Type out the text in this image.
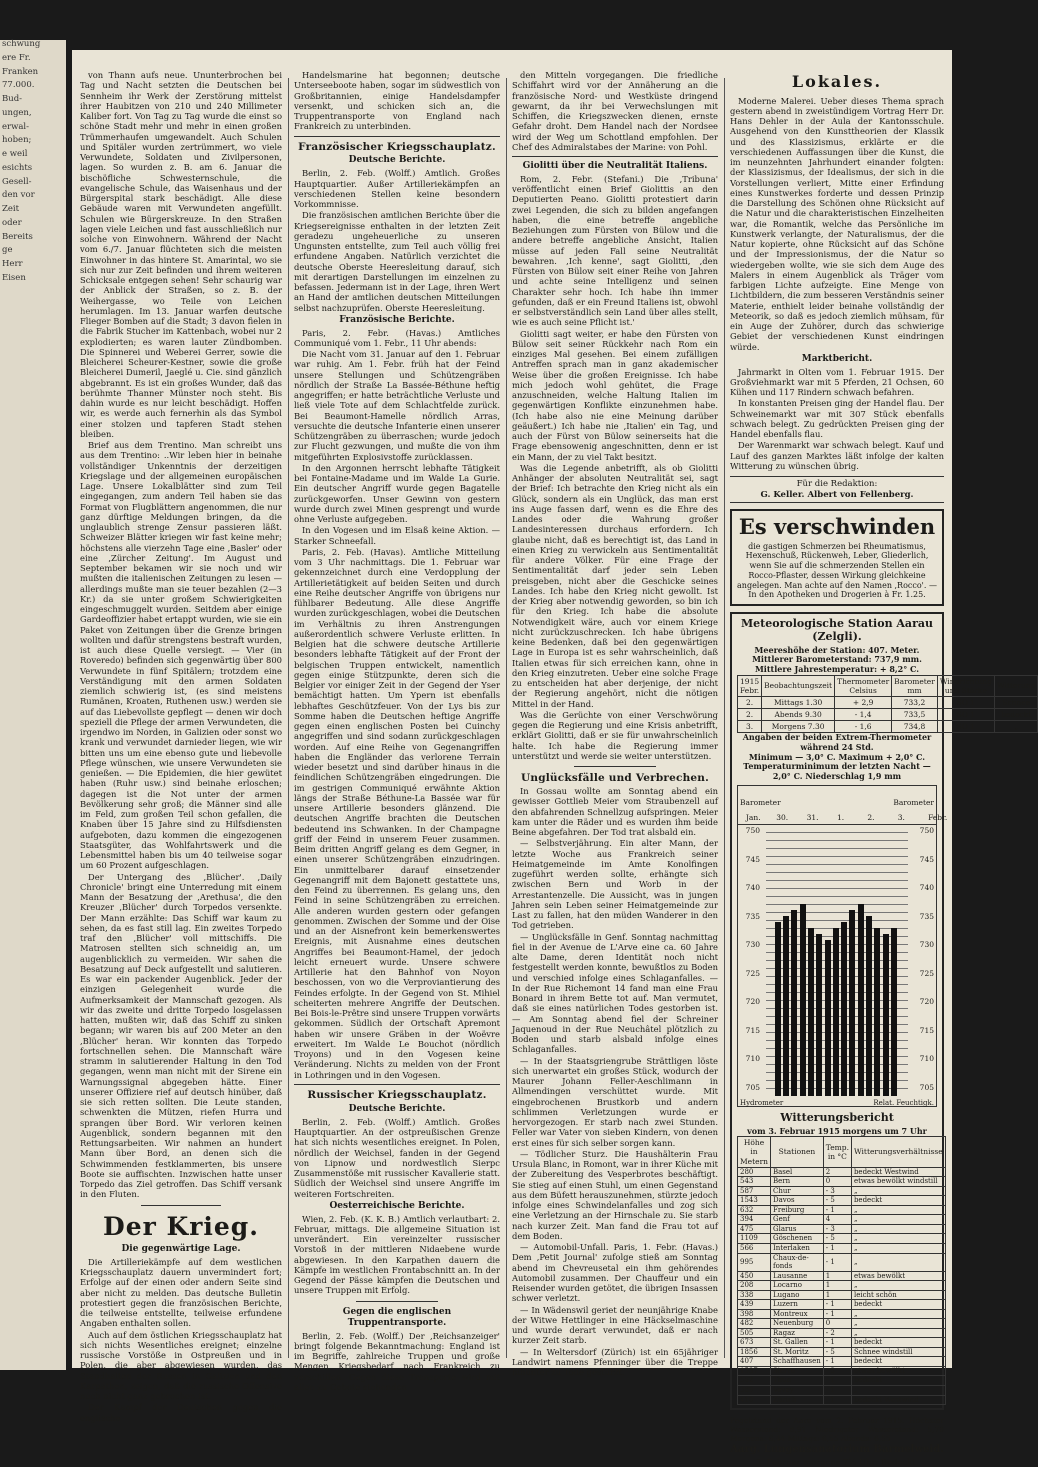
schwung

ere Fr.

Franken

77.000.

Bud-

ungen,

erwal-

hoben;

e weil

esichts

Gesell-

den vor

Zeit

oder

Bereits

ge

Herr

Eisen

von Thann aufs neue. Ununterbrochen bei Tag und Nacht setzten die Deutschen bei Sennheim ihr Werk der Zerstörung mittelst ihrer Haubitzen von 210 und 240 Millimeter Kaliber fort. Von Tag zu Tag wurde die einst so schöne Stadt mehr und mehr in einen großen Trümmerhaufen umgewandelt. Auch Schulen und Spitäler wurden zertrümmert, wo viele Verwundete, Soldaten und Zivilpersonen, lagen. So wurden z. B. am 6. Januar die bischöfliche Schwesternschule, die evangelische Schule, das Waisenhaus und der Bürgerspital stark beschädigt. Alle diese Gebäude waren mit Verwundeten angefüllt. Schulen wie Bürgerskreuze. In den Straßen lagen viele Leichen und fast ausschließlich nur solche von Einwohnern. Während der Nacht vom 6./7. Januar flüchteten sich die meisten Einwohner in das hintere St. Amarintal, wo sie sich nur zur Zeit befinden und ihrem weiteren Schicksale entgegen sehen! Sehr schaurig war der Anblick der Straßen, so z. B. der Weihergasse, wo Teile von Leichen herumlagen. Im 13. Januar warfen deutsche Flieger Bomben auf die Stadt; 3 davon fielen in die Fabrik Stucher im Kattenbach, wobei nur 2 explodierten; es waren lauter Zündbomben. Die Spinnerei und Weberei Gerrer, sowie die Bleicherei Scheurer-Kestner, sowie die große Bleicherei Dumeril, Jaeglé u. Cie. sind gänzlich abgebrannt. Es ist ein großes Wunder, daß das berühmte Thanner Münster noch steht. Bis dahin wurde es nur leicht beschädigt. Hoffen wir, es werde auch fernerhin als das Symbol einer stolzen und tapferen Stadt stehen bleiben.

Brief aus dem Trentino. Man schreibt uns aus dem Trentino: ..Wir leben hier in beinahe vollständiger Unkenntnis der derzeitigen Kriegslage und der allgemeinen europäischen Lage. Unsere Lokalblätter sind zum Teil eingegangen, zum andern Teil haben sie das Format von Flugblättern angenommen, die nur ganz dürftige Meldungen bringen, da die unglaublich strenge Zensur passieren läßt. Schweizer Blätter kriegen wir fast keine mehr; höchstens alle vierzehn Tage eine ,Basler' oder eine ,Zürcher Zeitung'. Im August und September bekamen wir sie noch und wir mußten die italienischen Zeitungen zu lesen — allerdings mußte man sie teuer bezahlen (2—3 Kr.) da sie unter großem Schwierigkeiten eingeschmuggelt wurden. Seitdem aber einige Gardeoffizier habet ertappt wurden, wie sie ein Paket von Zeitungen über die Grenze bringen wollten und dafür strengstens bestraft wurden, ist auch diese Quelle versiegt. — Vier (in Roveredo) befinden sich gegenwärtig über 800 Verwundete in fünf Spitälern; trotzdem eine Verständigung mit den armen Soldaten ziemlich schwierig ist, (es sind meistens Rumänen, Kroaten, Ruthenen usw.) werden sie auf das Liebevollste gepflegt — denen wir doch speziell die Pflege der armen Verwundeten, die irgendwo im Norden, in Galizien oder sonst wo krank und verwundet darnieder liegen, wie wir bitten uns um eine ebenso gute und liebevolle Pflege wünschen, wie unsere Verwundeten sie genießen. — Die Epidemien, die hier gewütet haben (Ruhr usw.) sind beinahe erloschen; dagegen ist die Not unter der armen Bevölkerung sehr groß; die Männer sind alle im Feld, zum großen Teil schon gefallen, die Knaben über 15 Jahre sind zu Hilfsdiensten aufgeboten, dazu kommen die eingezogenen Staatsgüter, das Wohlfahrtswerk und die Lebensmittel haben bis um 40 teilweise sogar um 60 Prozent aufgeschlagen.

Der Untergang des ,Blücher'. ,Daily Chronicle' bringt eine Unterredung mit einem Mann der Besatzung der ,Arethusa', die den Kreuzer ,Blücher' durch Torpedos versenkte. Der Mann erzählte: Das Schiff war kaum zu sehen, da es fast still lag. Ein zweites Torpedo traf den ,Blücher' voll mittschiffs. Die Matrosen stellten sich schneidig an, um augenblicklich zu vermeiden. Wir sahen die Besatzung auf Deck aufgestellt und salutieren. Es war ein packender Augenblick. Jeder der einzigen Gelegenheit wurde die Aufmerksamkeit der Mannschaft gezogen. Als wir das zweite und dritte Torpedo losgelassen hatten, mußten wir, daß das Schiff zu sinken begann; wir waren bis auf 200 Meter an den ,Blücher' heran. Wir konnten das Torpedo fortschnellen sehen. Die Mannschaft wäre stramm in salutierender Haltung in den Tod gegangen, wenn man nicht mit der Sirene ein Warnungssignal abgegeben hätte. Einer unserer Offiziere rief auf deutsch hinüber, daß sie sich retten sollten. Die Leute standen, schwenkten die Mützen, riefen Hurra und sprangen über Bord. Wir verloren keinen Augenblick, sondern begannen mit den Rettungsarbeiten. Wir nahmen an hundert Mann über Bord, an denen sich die Schwimmenden festklammerten, bis unsere Boote sie auffischten. Inzwischen hatte unser Torpedo das Ziel getroffen. Das Schiff versank in den Fluten.

Der Krieg.
Die gegenwärtige Lage.

Die Artilleriekämpfe auf dem westlichen Kriegsschauplatz dauern unvermindert fort; Erfolge auf der einen oder andern Seite sind aber nicht zu melden. Das deutsche Bulletin protestiert gegen die französischen Berichte, die teilweise entstellte, teilweise erfundene Angaben enthalten sollen.

Auch auf dem östlichen Kriegsschauplatz hat sich nichts Wesentliches ereignet; einzelne russische Vorstöße in Ostpreußen und in Polen, die aber abgewiesen wurden, das Standhalten der Russen in Galizien und den Karpathen, zeigen, daß die russische Offensive noch nicht ganz gebrochen ist.

Der Kampf der Deutschen gegen die englische

Handelsmarine hat begonnen; deutsche Unterseeboote haben, sogar im südwestlich von Großbritannien, einige Handelsdampfer versenkt, und schicken sich an, die Truppentransporte von England nach Frankreich zu unterbinden.

Französischer Kriegsschauplatz.
Deutsche Berichte.

Berlin, 2. Feb. (Wolff.) Amtlich. Großes Hauptquartier. Außer Artilleriekämpfen an verschiedenen Stellen keine besondern Vorkommnisse.

Die französischen amtlichen Berichte über die Kriegsereignisse enthalten in der letzten Zeit geradezu ungeheuerliche zu unseren Ungunsten entstellte, zum Teil auch völlig frei erfundene Angaben. Natürlich verzichtet die deutsche Oberste Heeresleitung darauf, sich mit derartigen Darstellungen im einzelnen zu befassen. Jedermann ist in der Lage, ihren Wert an Hand der amtlichen deutschen Mitteilungen selbst nachzuprüfen. Oberste Heeresleitung.

Französische Berichte.

Paris, 2. Febr. (Havas.) Amtliches Communiqué vom 1. Febr., 11 Uhr abends:

Die Nacht vom 31. Januar auf den 1. Februar war ruhig. Am 1. Febr. früh hat der Feind unsere Stellungen und Schützengräben nördlich der Straße La Bassée-Béthune heftig angegriffen; er hatte beträchtliche Verluste und ließ viele Tote auf dem Schlachtfelde zurück. Bei Beaumont-Hamelle nördlich Arras, versuchte die deutsche Infanterie einen unserer Schützengräben zu überraschen; wurde jedoch zur Flucht gezwungen, und mußte die von ihm mitgeführten Explosivstoffe zurücklassen.

In den Argonnen herrscht lebhafte Tätigkeit bei Fontaine-Madame und im Walde La Gurie. Ein deutscher Angriff wurde gegen Bagatelle zurückgeworfen. Unser Gewinn von gestern wurde durch zwei Minen gesprengt und wurde ohne Verluste aufgegeben.

In den Vogesen und im Elsaß keine Aktion. — Starker Schneefall.

Paris, 2. Feb. (Havas). Amtliche Mitteilung vom 3 Uhr nachmittags. Die 1. Februar war gekennzeichnet durch eine Verdopplung der Artillerietätigkeit auf beiden Seiten und durch eine Reihe deutscher Angriffe von übrigens nur fühlbarer Bedeutung. Alle diese Angriffe wurden zurückgeschlagen, wobei die Deutschen im Verhältnis zu ihren Anstrengungen außerordentlich schwere Verluste erlitten. In Belgien hat die schwere deutsche Artillerie besonders lebhafte Tätigkeit auf der Front der belgischen Truppen entwickelt, namentlich gegen einige Stützpunkte, deren sich die Belgier vor einiger Zeit in der Gegend der Yser bemächtigt hatten. Um Ypern ist ebenfalls lebhaftes Geschützfeuer. Von der Lys bis zur Somme haben die Deutschen heftige Angriffe gegen einen englischen Posten bei Cuinchy angegriffen und sind sodann zurückgeschlagen worden. Auf eine Reihe von Gegenangriffen haben die Engländer das verlorene Terrain wieder besetzt und sind darüber hinaus in die feindlichen Schützengräben eingedrungen. Die im gestrigen Communiqué erwähnte Aktion längs der Straße Béthune-La Bassée war für unsere Artillerie besonders glänzend. Die deutschen Angriffe brachten die Deutschen bedeutend ins Schwanken. In der Champagne griff der Feind in unserem Feuer zusammen. Beim dritten Angriff gelang es dem Gegner, in einen unserer Schützengräben einzudringen. Ein unmittelbarer darauf einsetzender Gegenangriff mit dem Bajonett gestattete uns, den Feind zu überrennen. Es gelang uns, den Feind in seine Schützengräben zu erreichen. Alle anderen wurden gestern oder gefangen genommen. Zwischen der Somme und der Oise und an der Aisnefront kein bemerkenswertes Ereignis, mit Ausnahme eines deutschen Angriffes bei Beaumont-Hamel, der jedoch leicht erneuert wurde. Unsere schwere Artillerie hat den Bahnhof von Noyon beschossen, von wo die Verproviantierung des Feindes erfolgte. In der Gegend von St. Mihiel scheiterten mehrere Angriffe der Deutschen. Bei Bois-le-Prêtre sind unsere Truppen vorwärts gekommen. Südlich der Ortschaft Apremont haben wir unsere Gräben in der Woëvre erweitert. Im Walde Le Bouchot (nördlich Troyons) und in den Vogesen keine Veränderung. Nichts zu melden von der Front in Lothringen und in den Vogesen.

Russischer Kriegsschauplatz.
Deutsche Berichte.

Berlin, 2. Feb. (Wolff.) Amtlich. Großes Hauptquartier. An der ostpreußischen Grenze hat sich nichts wesentliches ereignet. In Polen, nördlich der Weichsel, fanden in der Gegend von Lipnow und nordwestlich Sierpc Zusammenstöße mit russischer Kavallerie statt. Südlich der Weichsel sind unsere Angriffe im weiteren Fortschreiten.

Oesterreichische Berichte.

Wien, 2. Feb. (K. K. B.) Amtlich verlautbart: 2. Februar, mittags. Die allgemeine Situation ist unverändert. Ein vereinzelter russischer Vorstoß in der mittleren Nidaebene wurde abgewiesen. In den Karpathen dauern die Kämpfe im westlichen Frontabschnitt an. In der Gegend der Pässe kämpfen die Deutschen und unsere Truppen mit Erfolg.

Gegen die englischen Truppentransporte.

Berlin, 2. Feb. (Wolff.) Der ,Reichsanzeiger' bringt folgende Bekanntmachung: England ist im Begriffe, zahlreiche Truppen und große Mengen Kriegsbedarf nach Frankreich zu verschiffen. Gegen diese Transporte wird mit allen zu Gebote stehenden

den Mitteln vorgegangen. Die friedliche Schiffahrt wird vor der Annäherung an die französische Nord- und Westküste dringend gewarnt, da ihr bei Verwechslungen mit Schiffen, die Kriegszwecken dienen, ernste Gefahr droht. Dem Handel nach der Nordsee wird der Weg um Schottland empfohlen. Der Chef des Admiralstabes der Marine: von Pohl.

Giolitti über die Neutralität Italiens.

Rom, 2. Febr. (Stefani.) Die ,Tribuna' veröffentlicht einen Brief Giolittis an den Deputierten Peano. Giolitti protestiert darin zwei Legenden, die sich zu bilden angefangen haben, die eine betreffe angebliche Beziehungen zum Fürsten von Bülow und die andere betreffe angebliche Ansicht, Italien müsse auf jeden Fall seine Neutralität bewahren. ,Ich kenne', sagt Giolitti, ,den Fürsten von Bülow seit einer Reihe von Jahren und achte seine Intelligenz und seinen Charakter sehr hoch. Ich habe ihn immer gefunden, daß er ein Freund Italiens ist, obwohl er selbstverständlich sein Land über alles stellt, wie es auch seine Pflicht ist.'

Giolitti sagt weiter, er habe den Fürsten von Bülow seit seiner Rückkehr nach Rom ein einziges Mal gesehen. Bei einem zufälligen Antreffen sprach man in ganz akademischer Weise über die großen Ereignisse. Ich habe mich jedoch wohl gehütet, die Frage anzuschneiden, welche Haltung Italien im gegenwärtigen Konflikte einzunehmen habe. (Ich habe also nie eine Meinung darüber geäußert.) Ich habe nie ,Italien' ein Tag, und auch der Fürst von Bülow seinerseits hat die Frage ebensowenig angeschnitten, denn er ist ein Mann, der zu viel Takt besitzt.

Was die Legende anbetrifft, als ob Giolitti Anhänger der absoluten Neutralität sei, sagt der Brief: Ich betrachte den Krieg nicht als ein Glück, sondern als ein Unglück, das man erst ins Auge fassen darf, wenn es die Ehre des Landes oder die Wahrung großer Landesinteressen durchaus erfordern. Ich glaube nicht, daß es berechtigt ist, das Land in einen Krieg zu verwickeln aus Sentimentalität für andere Völker. Für eine Frage der Sentimentalität darf jeder sein Leben preisgeben, nicht aber die Geschicke seines Landes. Ich habe den Krieg nicht gewollt. Ist der Krieg aber notwendig geworden, so bin ich für den Krieg. Ich habe die absolute Notwendigkeit wäre, auch vor einem Kriege nicht zurückzuschrecken. Ich habe übrigens keine Bedenken, daß bei den gegenwärtigen Lage in Europa ist es sehr wahrscheinlich, daß Italien etwas für sich erreichen kann, ohne in den Krieg einzutreten. Ueber eine solche Frage zu entscheiden hat aber derjenige, der nicht der Regierung angehört, nicht die nötigen Mittel in der Hand.

Was die Gerüchte von einer Verschwörung gegen die Regierung und eine Krisis anbetrifft, erklärt Giolitti, daß er sie für unwahrscheinlich halte. Ich habe die Regierung immer unterstützt und werde sie weiter unterstützen.

Unglücksfälle und Verbrechen.

In Gossau wollte am Sonntag abend ein gewisser Gottlieb Meier vom Straubenzell auf den abfahrenden Schnellzug aufspringen. Meier kam unter die Räder und es wurden ihm beide Beine abgefahren. Der Tod trat alsbald ein.

— Selbstverjährung. Ein alter Mann, der letzte Woche aus Frankreich seiner Heimatgemeinde im Amte Konolfingen zugeführt werden sollte, erhängte sich zwischen Bern und Worb in der Arrestantenzelle. Die Aussicht, was in jungen Jahren sein Leben seiner Heimatgemeinde zur Last zu fallen, hat den müden Wanderer in den Tod getrieben.

— Unglücksfälle in Genf. Sonntag nachmittag fiel in der Avenue de L'Arve eine ca. 60 Jahre alte Dame, deren Identität noch nicht festgestellt werden konnte, bewußtlos zu Boden und verschied infolge eines Schlaganfalles. — In der Rue Richemont 14 fand man eine Frau Bonard in ihrem Bette tot auf. Man vermutet, daß sie eines natürlichen Todes gestorben ist. — Am Sonntag abend fiel der Schreiner Jaquenoud in der Rue Neuchâtel plötzlich zu Boden und starb alsbald infolge eines Schlaganfalles.

— In der Staatsgriengrube Strättligen löste sich unerwartet ein großes Stück, wodurch der Maurer Johann Feller-Aeschlimann in Allmendingen verschüttet wurde. Mit eingebrochenen Brustkorb und andern schlimmen Verletzungen wurde er hervorgezogen. Er starb nach zwei Stunden. Feller war Vater von sieben Kindern, von denen erst eines für sich selber sorgen kann.

— Tödlicher Sturz. Die Haushälterin Frau Ursula Blanc, in Romont, war in ihrer Küche mit der Zubereitung des Vesperbrotes beschäftigt. Sie stieg auf einen Stuhl, um einen Gegenstand aus dem Büfett herauszunehmen, stürzte jedoch infolge eines Schwindelanfalles und zog sich eine Verletzung an der Hirnschale zu. Sie starb nach kurzer Zeit. Man fand die Frau tot auf dem Boden.

— Automobil-Unfall. Paris, 1. Febr. (Havas.) Dem ,Petit Journal' zufolge stieß am Sonntag abend im Chevreusetal ein ihm gehörendes Automobil zusammen. Der Chauffeur und ein Reisender wurden getötet, die übrigen Insassen schwer verletzt.

— In Wädenswil geriet der neunjährige Knabe der Witwe Hettlinger in eine Häckselmaschine und wurde derart verwundet, daß er nach kurzer Zeit starb.

— In Weltersdorf (Zürich) ist ein 65jähriger Landwirt namens Pfenninger über die Treppe hinunter zu Tode gestürzt.

Lokales.

Moderne Malerei. Ueber dieses Thema sprach gestern abend in zweistündigem Vortrag Herr Dr. Hans Dehler in der Aula der Kantonsschule. Ausgehend von den Kunsttheorien der Klassik und des Klassizismus, erklärte er die verschiedenen Auffassungen über die Kunst, die im neunzehnten Jahrhundert einander folgten: der Klassizismus, der Idealismus, der sich in die Vorstellungen verliert, Mitte einer Erfindung eines Kunstwerkes forderte und dessen Prinzip die Darstellung des Schönen ohne Rücksicht auf die Natur und die charakteristischen Einzelheiten war, die Romantik, welche das Persönliche im Kunstwerk verlangte, der Naturalismus, der die Natur kopierte, ohne Rücksicht auf das Schöne und der Impressionismus, der die Natur so wiedergeben wollte, wie sie sich dem Auge des Malers in einem Augenblick als Träger vom farbigen Lichte aufzeigte. Eine Menge von Lichtbildern, die zum besseren Verständnis seiner Materie, enthielt leider beinahe vollständig der Meteorik, so daß es jedoch ziemlich mühsam, für ein Auge der Zuhörer, durch das schwierige Gebiet der verschiedenen Kunst eindringen würde.

Marktbericht.

Jahrmarkt in Olten vom 1. Februar 1915. Der Großviehmarkt war mit 5 Pferden, 21 Ochsen, 60 Kühen und 117 Rindern schwach befahren.

In konstanten Preisen ging der Handel flau. Der Schweinemarkt war mit 307 Stück ebenfalls schwach belegt. Zu gedrückten Preisen ging der Handel ebenfalls flau.

Der Warenmarkt war schwach belegt. Kauf und Lauf des ganzen Marktes läßt infolge der kalten Witterung zu wünschen übrig.

Für die Redaktion:
G. Keller. Albert von Fellenberg.
Es verschwinden

die gastigen Schmerzen bei Rheumatismus, Hexenschuß, Rückenweh, Leber, Gliederlich, wenn Sie auf die schmerzenden Stellen ein Rocco-Pflaster, dessen Wirkung gleichkeine angelegen. Man achte auf den Namen ,Rocco'. — In den Apotheken und Drogerien à Fr. 1.25.

Meteorologische Station Aarau (Zelgli).
Meereshöhe der Station: 407. Meter.
Mittlerer Barometerstand: 737,9 mm.
Mittlere Jahrestemperatur: + 8,2° C.
1915 Febr.	Beobachtungszeit	Thermometer Celsius	Barometer mm	Windrichtung und Stärke	Witterung
2.	Mittags 1.30	+ 2,9	733,2	SO 1	Schnee
2.	Abends 9.30	- 1,4	733,5	SO 1	bedeckt
3.	Morgens 7.30	- 1,6	734,8	SO 1	„
Angaben der beiden Extrem-Thermometer während 24 Std.
Minimum — 3,0° C. Maximum + 2,0° C.
Temperaturminimum der letzten Nacht — 2,0° C. Niederschlag 1,9 mm
Barometer	Barometer
Jan. 30. 31. 1.	2.	3.	Febr.
750
745
740
735
730
725
720
715
710
705
750
745
740
735
730
725
720
715
710
705
Hydrometer	Relat. Feuchtigk.
Witterungsbericht
vom 3. Februar 1915 morgens um 7 Uhr
Höhe in Metern	Stationen	Temp. in °C	Witterungsverhältnisse
280	Basel	2	bedeckt Westwind
543	Bern	0	etwas bewölkt windstill
587	Chur	- 3	„
1543	Davos	- 5	bedeckt
632	Freiburg	- 1	„
394	Genf	4	„
475	Glarus	- 3	„
1109	Göschenen	- 5	„
566	Interlaken	- 1	„
995	Chaux-de-fonds	- 1	„
450	Lausanne	1	etwas bewölkt
208	Locarno	1	„
338	Lugano	1	leicht schön
439	Luzern	- 1	bedeckt
398	Montreux	- 1	„
482	Neuenburg	0	„
505	Ragaz	- 2	„
673	St. Gallen	- 1	bedeckt
1856	St. Moritz	- 5	Schnee windstill
407	Schaffhausen	- 1	bedeckt
1537	Sierre	- 3	etwas bewölkt
562	Thun	- 1	bedeckt
389	Vevey	- 1	„
410	Zürich	- 1	bedeckt Westwind

Pegelstand der Aare vom 2. Februar 1915. Höchster Wasserstand: 8,91 Niedrigster Wasserstand: 5,70 Morgens: 6,44 Mittags: 6,55 Abends: 6,55

Aarg. Lungensanatorium Barmelweid.

3. Februar morgens 7½ Uhr: Bedeckt.
